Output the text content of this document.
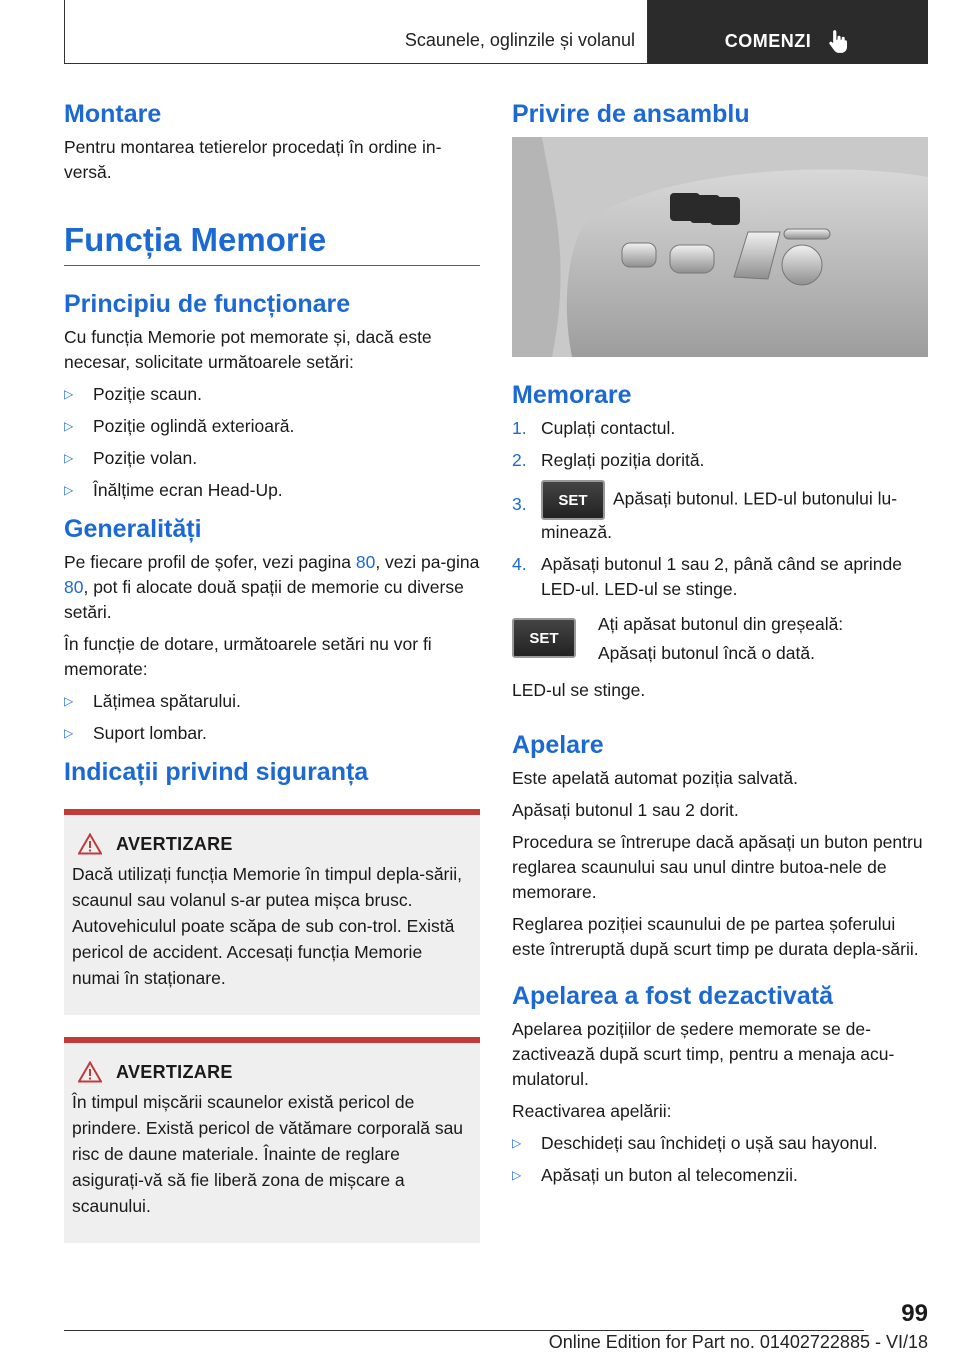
Scaunele, oglinzile și volanul	COMENZI
Montare

Pentru montarea tetierelor procedați în ordine in-versă.

Funcția Memorie
Principiu de funcționare

Cu funcția Memorie pot memorate și, dacă este necesar, solicitate următoarele setări:

▷	Poziție scaun.
▷	Poziție oglindă exterioară.
▷	Poziție volan.
▷	Înălțime ecran Head-Up.
Generalități

Pe fiecare profil de șofer, vezi pagina 80, vezi pa-gina 80, pot fi alocate două spații de memorie cu diverse setări.

În funcție de dotare, următoarele setări nu vor fi memorate:

▷	Lățimea spătarului.
▷	Suport lombar.
Indicații privind siguranța
AVERTIZARE

Dacă utilizați funcția Memorie în timpul depla-sării, scaunul sau volanul s-ar putea mișca brusc. Autovehiculul poate scăpa de sub con-trol. Există pericol de accident. Accesați funcția Memorie numai în staționare.

AVERTIZARE

În timpul mișcării scaunelor există pericol de prindere. Există pericol de vătămare corporală sau risc de daune materiale. Înainte de reglare asigurați-vă să fie liberă zona de mișcare a scaunului.

Privire de ansamblu
Memorare
1. Cuplați contactul.
2. Reglați poziția dorită.
3.	SET Apăsați butonul. LED-ul butonului lu-minează.
4. Apăsați butonul 1 sau 2, până când se aprinde LED-ul. LED-ul se stinge.
SET

Ați apăsat butonul din greșeală:

Apăsați butonul încă o dată.

LED-ul se stinge.

Apelare

Este apelată automat poziția salvată.

Apăsați butonul 1 sau 2 dorit.

Procedura se întrerupe dacă apăsați un buton pentru reglarea scaunului sau unul dintre butoa-nele de memorare.

Reglarea poziției scaunului de pe partea șoferului este întreruptă după scurt timp pe durata depla-sării.

Apelarea a fost dezactivată

Apelarea pozițiilor de ședere memorate se de-zactivează după scurt timp, pentru a menaja acu-mulatorul.

Reactivarea apelării:

▷	Deschideți sau închideți o ușă sau hayonul.
▷	Apăsați un buton al telecomenzii.
99
Online Edition for Part no. 01402722885 - VI/18
